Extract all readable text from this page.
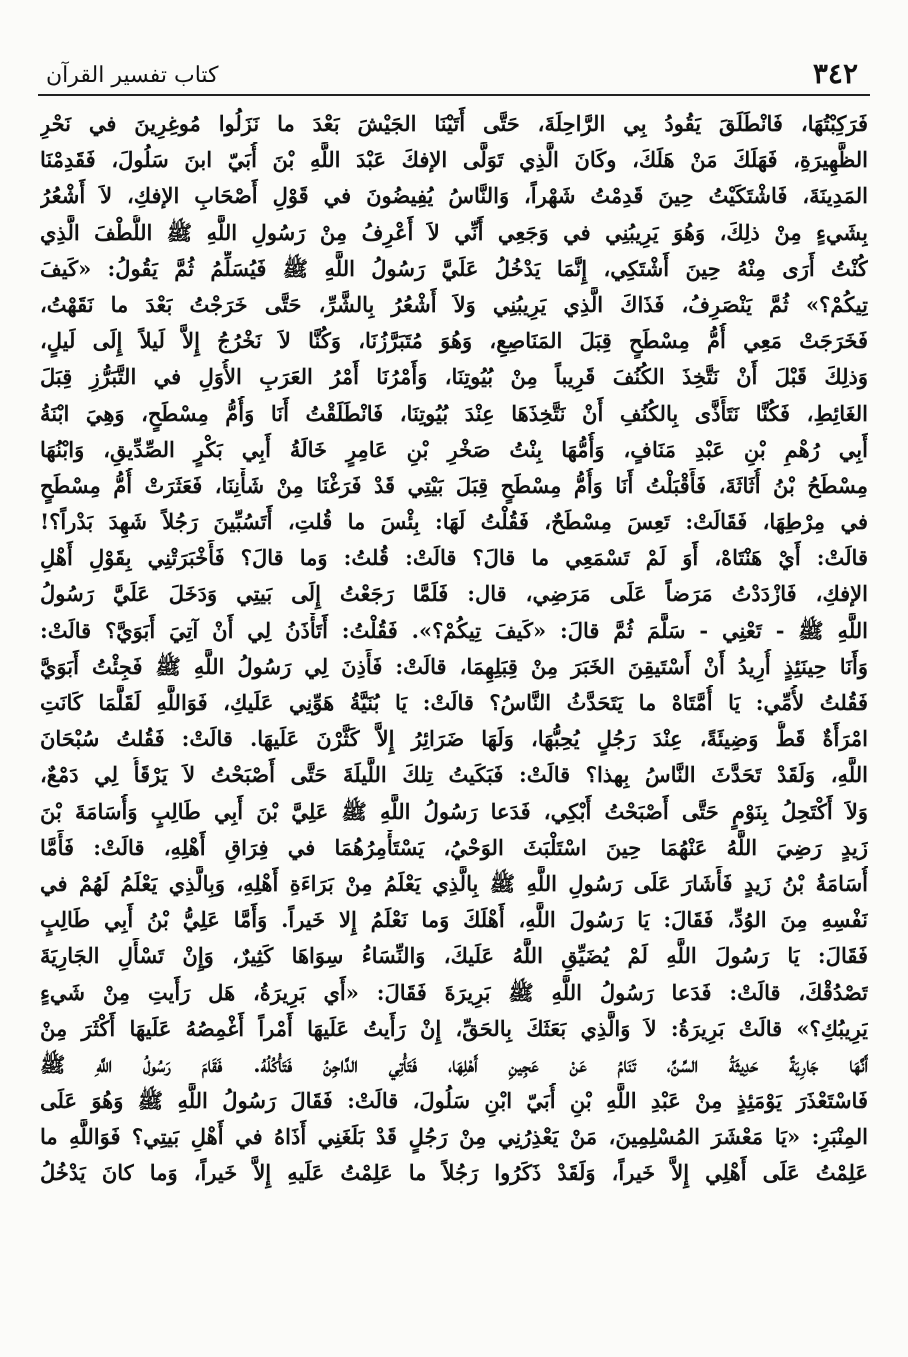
٣٤٢
كتاب تفسير القرآن
فَرَكِبْتُهَا، فَانْطَلَقَ يَقُودُ بِي الرَّاحِلَةَ، حَتَّى أَتَيْنَا الجَيْشَ بَعْدَ ما نَزَلُوا مُوغِرِينَ في نَحْرِ
الظَّهِيرَةِ، فَهَلَكَ مَنْ هَلَكَ، وكَانَ الَّذِي تَوَلَّى الإفكَ عَبْدَ اللَّهِ بْنَ أُبَيّ ابنَ سَلُولَ، فَقَدِمْنَا
المَدِينَةَ، فَاشْتَكَيْتُ حِينَ قَدِمْتُ شَهْراً، وَالنَّاسُ يُفِيضُونَ في قَوْلِ أَصْحَابِ الإفكِ، لاَ أَشْعُرُ
بِشَيءٍ مِنْ ذلِكَ، وَهُوَ يَرِيبُنِي في وَجَعِي أَنِّي لاَ أَعْرِفُ مِنْ رَسُولِ اللَّهِ ﷺ اللُّطْفَ الَّذِي
كُنْتُ أَرَى مِنْهُ حِينَ أَشْتَكِي، إِنَّمَا يَدْخُلُ عَلَيَّ رَسُولُ اللَّهِ ﷺ فَيُسَلِّمُ ثُمَّ يَقُولُ: «كَيفَ
تِيكُمْ؟» ثُمَّ يَنْصَرِفُ، فَذَاكَ الَّذِي يَرِيبُنِي وَلاَ أَشْعُرُ بِالشَّرِّ، حَتَّى خَرَجْتُ بَعْدَ ما نَقَهْتُ،
فَخَرَجَتْ مَعِي أُمُّ مِسْطَحٍ قِبَلَ المَنَاصِعِ، وَهُوَ مُتَبَرَّزُنَا، وَكُنَّا لاَ نَخْرُجُ إِلاَّ لَيلاً إِلَى لَيلٍ،
وَذلِكَ قَبْلَ أَنْ نَتَّخِذَ الكُنُفَ قَرِيباً مِنْ بُيُوتِنَا، وَأَمْرُنَا أَمْرُ العَرَبِ الأُوَلِ في التَّبَرُّزِ قِبَلَ
الغَائِطِ، فَكُنَّا نَتَأَذَّى بِالكُنُفِ أَنْ نَتَّخِذَهَا عِنْدَ بُيُوتِنَا، فَانْطَلَقْتُ أَنَا وَأُمُّ مِسْطَحٍ، وَهِيَ ابْنَةُ
أَبِي رُهْمِ بْنِ عَبْدِ مَنَافٍ، وَأُمُّهَا بِنْتُ صَخْرِ بْنِ عَامِرٍ خَالَةُ أَبِي بَكْرٍ الصِّدِّيقِ، وَابْنُهَا
مِسْطَحُ بْنُ أُثَاثَةَ، فَأَقْبَلْتُ أَنَا وَأُمُّ مِسْطَحٍ قِبَلَ بَيْتِي قَدْ فَرَغْنَا مِنْ شَأْنِنَا، فَعَثَرَتْ أُمُّ مِسْطَحٍ
في مِرْطِهَا، فَقَالَتْ: تَعِسَ مِسْطَحٌ، فَقُلْتُ لَهَا: بِئْسَ ما قُلتِ، أَتَسُبِّينَ رَجُلاً شَهِدَ بَدْراً؟!
قالَتْ: أَيْ هَنْتَاهْ، أَوَ لَمْ تَسْمَعِي ما قالَ؟ قالَتْ: قُلتُ: وَما قالَ؟ فَأَخْبَرَتْنِي بِقَوْلِ أَهْلِ
الإفكِ، فَازْدَدْتُ مَرَضاً عَلَى مَرَضِي، قال: فَلَمَّا رَجَعْتُ إِلَى بَيتِي وَدَخَلَ عَلَيَّ رَسُولُ
اللَّهِ ﷺ - تَعْنِي - سَلَّمَ ثُمَّ قالَ: «كَيفَ تِيكُمْ؟». فَقُلْتُ: أَتَأْذَنُ لِي أَنْ آتِيَ أَبَوَيَّ؟ قالَتْ:
وَأَنَا حِينَئِذٍ أُرِيدُ أَنْ أَسْتَيقِنَ الخَبَرَ مِنْ قِبَلِهِمَا، قالَتْ: فَأَذِنَ لِي رَسُولُ اللَّهِ ﷺ فَجِئْتُ أَبَوَيَّ
فَقُلتُ لأُمِّي: يَا أُمَّتَاهْ ما يَتَحَدَّثُ النَّاسُ؟ قالَتْ: يَا بُنَيَّةُ هَوِّنِي عَلَيكِ، فَوَاللَّهِ لَقَلَّمَا كَانَتِ
امْرَأَةٌ قَطُّ وَضِيئَةً، عِنْدَ رَجُلٍ يُحِبُّهَا، وَلَهَا ضَرَائِرُ إِلاَّ كَثَّرْنَ عَلَيهَا. قالَتْ: فَقُلتُ سُبْحَانَ
اللَّهِ، وَلَقَدْ تَحَدَّثَ النَّاسُ بِهذا؟ قالَتْ: فَبَكَيتُ تِلكَ اللَّيلَةَ حَتَّى أَصْبَحْتُ لاَ يَرْقَأُ لِي دَمْعٌ،
وَلاَ أَكْتَحِلُ بِنَوْمٍ حَتَّى أَصْبَحْتُ أَبْكِي، فَدَعا رَسُولُ اللَّهِ ﷺ عَلِيَّ بْنَ أَبِي طَالِبٍ وَأُسَامَةَ بْنَ
زَيدٍ رَضِيَ اللَّهُ عَنْهُمَا حِينَ اسْتَلْبَثَ الوَحْيُ، يَسْتَأْمِرُهُمَا في فِرَاقِ أَهْلِهِ، قالَتْ: فَأَمَّا
أُسَامَةُ بْنُ زَيدٍ فَأَشَارَ عَلَى رَسُولِ اللَّهِ ﷺ بِالَّذِي يَعْلَمُ مِنْ بَرَاءَةِ أَهْلِهِ، وَبِالَّذِي يَعْلَمُ لَهُمْ في
نَفْسِهِ مِنَ الوُدِّ، فَقَالَ: يَا رَسُولَ اللَّهِ، أَهْلَكَ وَما نَعْلَمُ إِلا خَيراً. وَأَمَّا عَلِيُّ بْنُ أَبِي طَالِبٍ
فَقَالَ: يَا رَسُولَ اللَّهِ لَمْ يُضَيِّقِ اللَّهُ عَلَيكَ، وَالنِّسَاءُ سِوَاهَا كَثِيرٌ، وَإِنْ تَسْأَلِ الجَارِيَةَ
تَصْدُقْكَ، قالَتْ: فَدَعا رَسُولُ اللَّهِ ﷺ بَرِيرَةَ فَقَالَ: «أَي بَرِيرَةُ، هَل رَأَيتِ مِنْ شَيءٍ
يَرِيبُكِ؟» قالَتْ بَرِيرَةُ: لاَ وَالَّذِي بَعَثَكَ بِالحَقِّ، إِنْ رَأَيتُ عَلَيهَا أَمْراً أَغْمِصُهُ عَلَيهَا أَكْثَرَ مِنْ
أَنَّهَا جَارِيَةٌ حَدِيثَةُ السِّنِّ، تَنَامُ عَنْ عَجِينِ أَهْلِهَا، فَتَأْتِي الدَّاجِنُ فَتَأْكُلُهُ. فَقَامَ رَسُولُ اللَّهِ ﷺ
فَاسْتَعْذَرَ يَوْمَئِذٍ مِنْ عَبْدِ اللَّهِ بْنِ أُبَيّ ابْنِ سَلُولَ، قالَتْ: فَقَالَ رَسُولُ اللَّهِ ﷺ وَهُوَ عَلَى
المِنْبَرِ: «يَا مَعْشَرَ المُسْلِمِينَ، مَنْ يَعْذِرُنِي مِنْ رَجُلٍ قَدْ بَلَغَنِي أَذَاهُ في أَهْلِ بَيتِي؟ فَوَاللَّهِ ما
عَلِمْتُ عَلَى أَهْلِي إِلاَّ خَيراً، وَلَقَدْ ذَكَرُوا رَجُلاً ما عَلِمْتُ عَلَيهِ إِلاَّ خَيراً، وَما كانَ يَدْخُلُ
